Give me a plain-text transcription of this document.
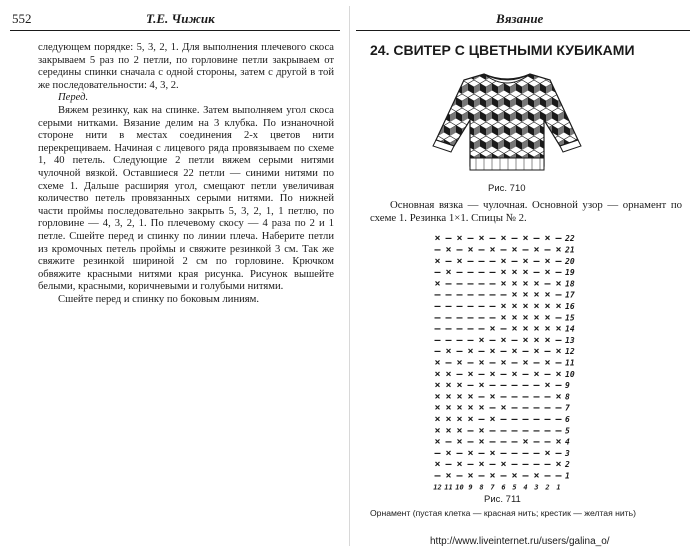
552	Т.Е. Чижик

следующем порядке: 5, 3, 2, 1. Для выполнения плечевого скоса закрываем 5 раз по 2 петли, по горловине петли закрываем от середины спинки сначала с одной стороны, затем с другой в той же последовательности: 4, 3, 2.

Перед.

Вяжем резинку, как на спинке. Затем выполняем угол скоса серыми нитками. Вязание делим на 3 клубка. По изнаночной стороне нити в местах соединения 2-х цветов нити перекрещиваем. Начиная с лицевого ряда провязываем по схеме 1, 40 петель. Следующие 2 петли вяжем серыми нитями чулочной вязкой. Оставшиеся 22 петли — синими нитями по схеме 1. Дальше расширяя угол, смещают петли увеличивая количество петель провязанных серыми нитями. По нижней части проймы последовательно закрыть 5, 3, 2, 1, 1 петлю, по горловине — 4, 3, 2, 1. По плечевому скосу — 4 раза по 2 и 1 петле. Сшейте перед и спинку по линии плеча. Наберите петли из кромочных петель проймы и свяжите резинкой 3 см. Так же свяжите резинкой шириной 2 см по горловине. Крючком обвяжите красными нитями края рисунка. Рисунок вышейте белыми, красными, коричневыми и голубыми нитями.

Сшейте перед и спинку по боковым линиям.

Вязание
24. СВИТЕР С ЦВЕТНЫМИ КУБИКАМИ
Рис. 710

Основная вязка — чулочная. Основной узор — орнамент по схеме 1. Резинка 1×1. Спицы № 2.

× – × – × – × – × – × – 22
– × – × – × – × – × – × 21
× – × – – – × – × – × – 20
– × – – – – × × × – × – 19
× – – – – – × × × × – × 18
– – – – – – – × × × × – 17
– – – – – – × × × × × × 16
– – – – – – × × × × × – 15
– – – – – × – × × × × × 14
– – – – × – × – × × × – 13
– × – × – × – × – × – × 12
× – × – × – × – × – × – 11
× × – × – × – × – × – × 10
× × × – × – – – – – × – 9
× × × × – × – – – – – × 8
× × × × × – × – – – – – 7
× × × × – × – – – – – – 6
× × × – × – – – – – – – 5
× – × – × – – – × – – × 4
– × – × – × – – – – × – 3
× – × – × – × – – – – × 2
– × – × – × – × – × – – 1
12 11 10 9 8 7 6 5 4 3 2 1
Рис. 711
Орнамент (пустая клетка — красная нить; крестик — желтая нить)
http://www.liveinternet.ru/users/galina_o/
